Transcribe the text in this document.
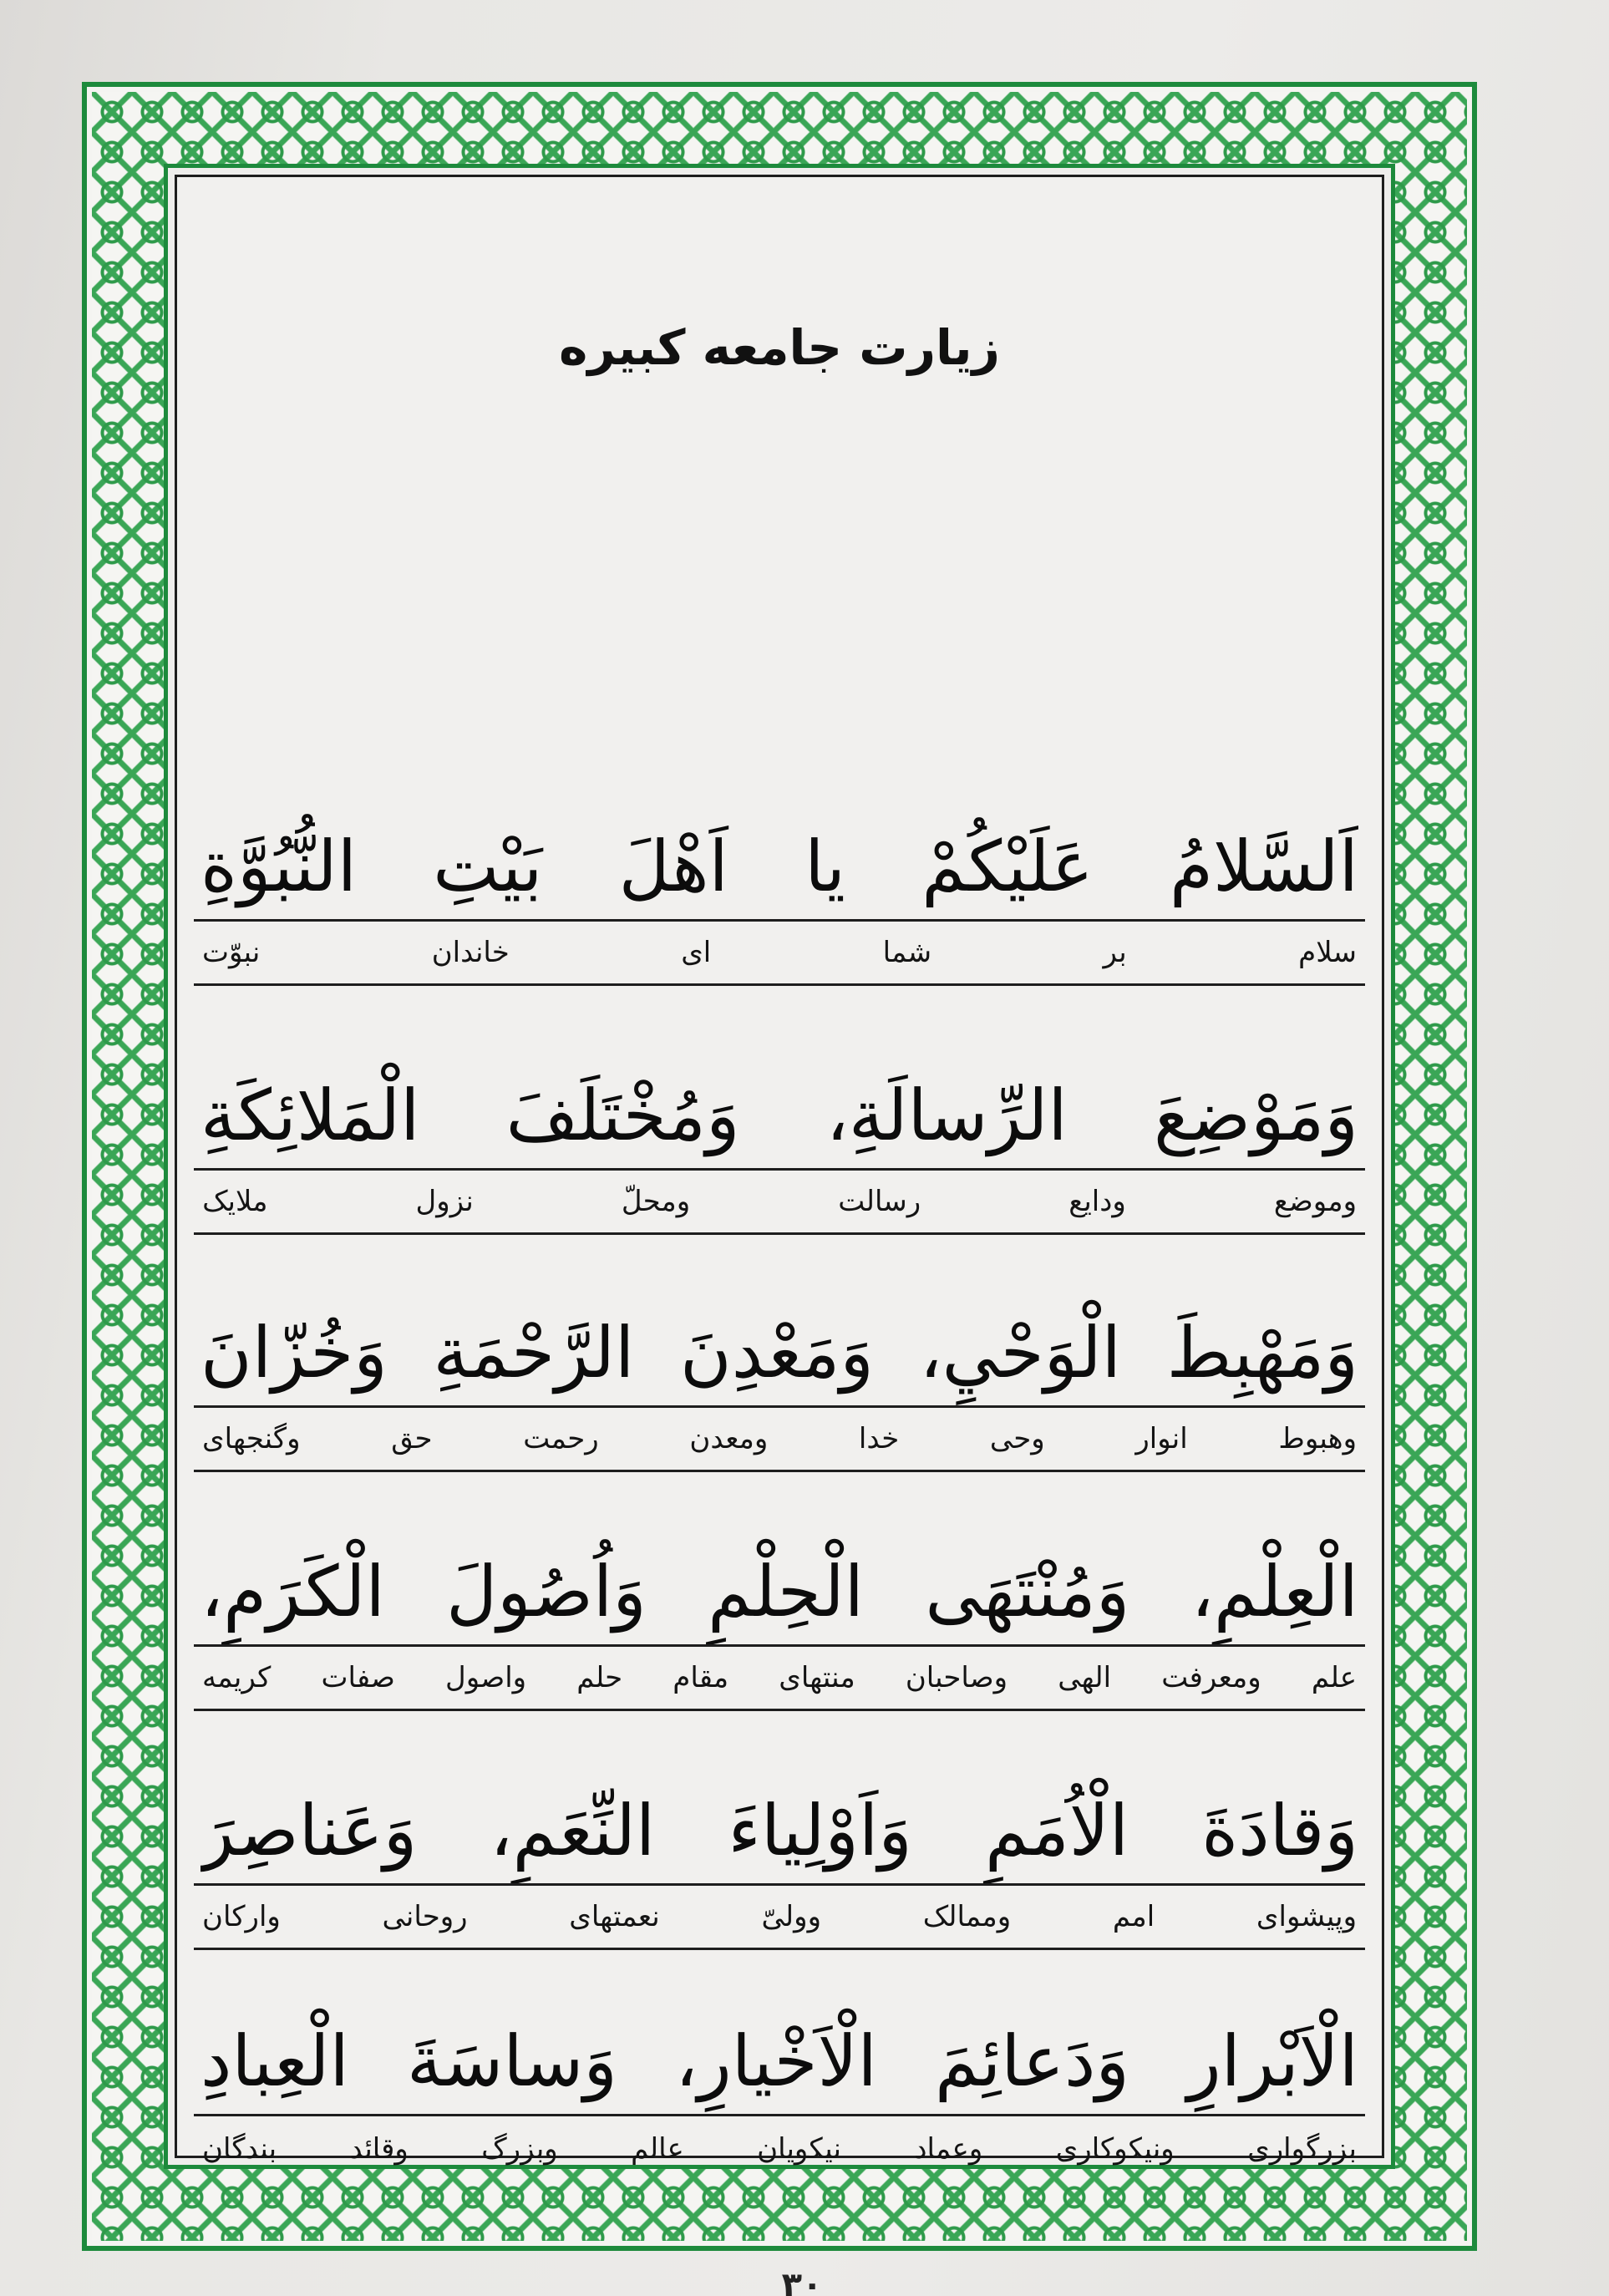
زیارت جامعه کبیره
اَلسَّلامُ عَلَيْكُمْ يا اَهْلَ بَيْتِ النُّبُوَّةِ
سلام
بر
شما
ای
خاندان
نبوّت
وَمَوْضِعَ الرِّسالَةِ، وَمُخْتَلَفَ الْمَلائِكَةِ
وموضع
ودایع
رسالت
ومحلّ
نزول
ملایک
وَمَهْبِطَ الْوَحْيِ، وَمَعْدِنَ الرَّحْمَةِ وَخُزّانَ
وهبوط
انوار
وحی
خدا
ومعدن
رحمت
حق
وگنجهای
الْعِلْمِ، وَمُنْتَهَى الْحِلْمِ وَاُصُولَ الْكَرَمِ،
علم ومعرفت الهی وصاحبان منتهای مقام حلم واصول صفات کریمه
وَقادَةَ الْاُمَمِ وَاَوْلِياءَ النِّعَمِ، وَعَناصِرَ
وپیشوای
امم
وممالک
وولیّ
نعمتهای
روحانی
وارکان
الْاَبْرارِ وَدَعائِمَ الْاَخْيارِ، وَساسَةَ الْعِبادِ
بزرگواری ونیکوکاری وعماد نیکویان عالم وبزرگ وقائد بندگان
۳۰
